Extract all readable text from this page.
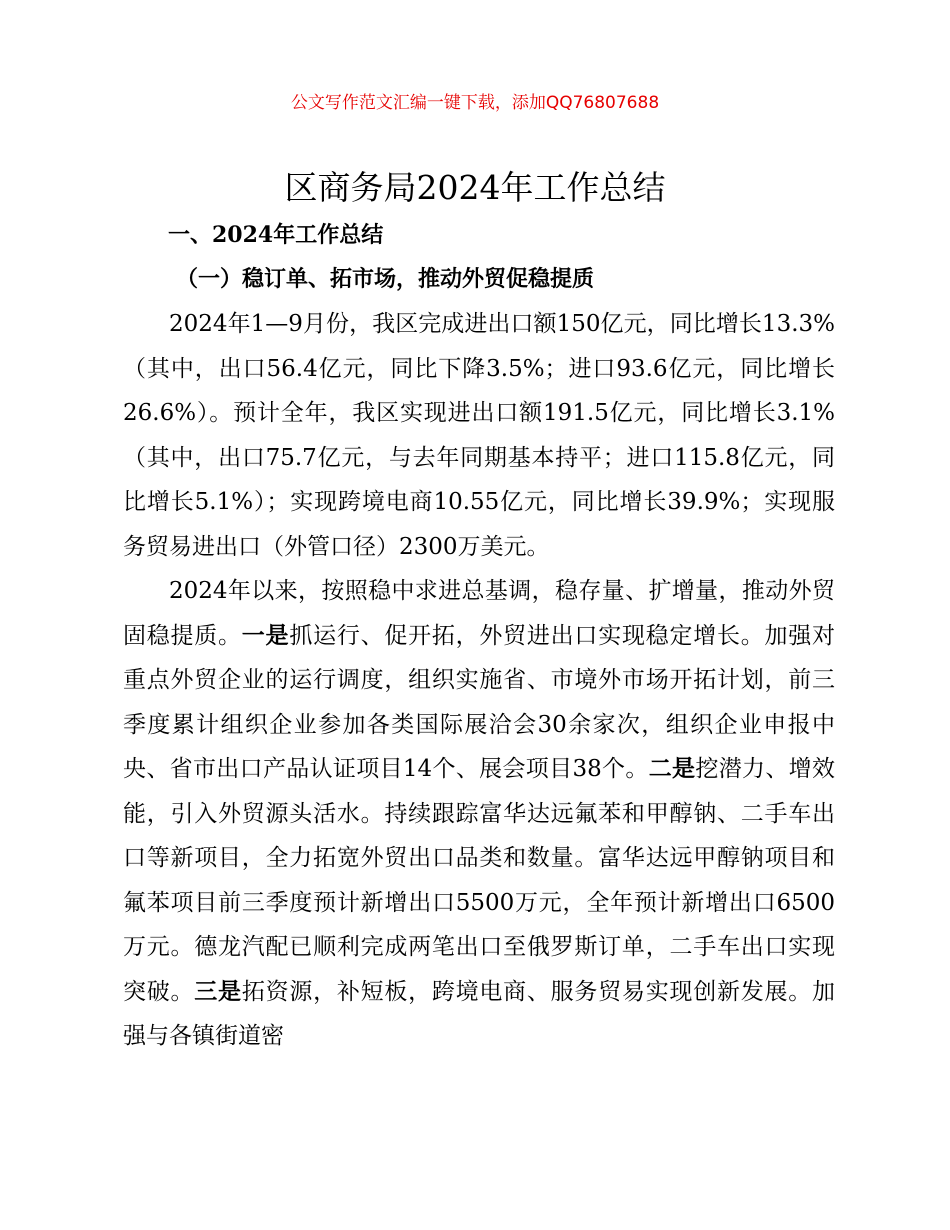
公文写作范文汇编一键下载，添加QQ76807688
区商务局2024年工作总结
一、2024年工作总结
（一）稳订单、拓市场，推动外贸促稳提质

2024年1—9月份，我区完成进出口额150亿元，同比增长13.3%（其中，出口56.4亿元，同比下降3.5%；进口93.6亿元，同比增长26.6%）。预计全年，我区实现进出口额191.5亿元，同比增长3.1%（其中，出口75.7亿元，与去年同期基本持平；进口115.8亿元，同比增长5.1%）；实现跨境电商10.55亿元，同比增长39.9%；实现服务贸易进出口（外管口径）2300万美元。

2024年以来，按照稳中求进总基调，稳存量、扩增量，推动外贸固稳提质。一是抓运行、促开拓，外贸进出口实现稳定增长。加强对重点外贸企业的运行调度，组织实施省、市境外市场开拓计划，前三季度累计组织企业参加各类国际展洽会30余家次，组织企业申报中央、省市出口产品认证项目14个、展会项目38个。二是挖潜力、增效能，引入外贸源头活水。持续跟踪富华达远氟苯和甲醇钠、二手车出口等新项目，全力拓宽外贸出口品类和数量。富华达远甲醇钠项目和氟苯项目前三季度预计新增出口5500万元，全年预计新增出口6500万元。德龙汽配已顺利完成两笔出口至俄罗斯订单，二手车出口实现突破。三是拓资源，补短板，跨境电商、服务贸易实现创新发展。加强与各镇街道密
